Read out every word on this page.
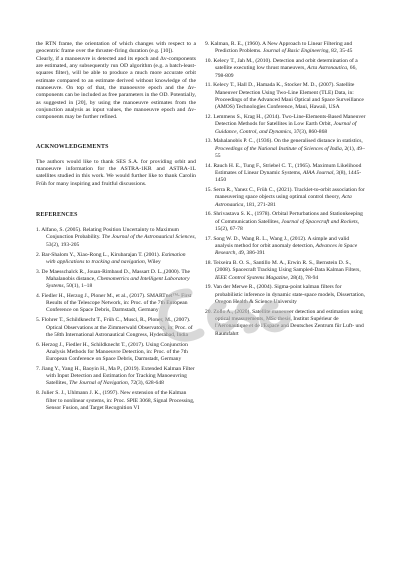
the RTN frame, the orientation of which changes with respect to a geocentric frame over the thruster-firing duration (e.g. [10]).

Clearly, if a manoeuvre is detected and its epoch and Δv-components are estimated, any subsequently run OD algorithm (e.g. a batch-least-squares filter), will be able to produce a much more accurate orbit estimate compared to an estimate derived without knowledge of the manoeuvre. On top of that, the manoeuvre epoch and the Δv-components can be included as free parameters in the OD. Potentially, as suggested in [20], by using the manoeuvre estimates from the conjunction analysis as input values, the manoeuvre epoch and Δv-components may be further refined.

ACKNOWLEDGEMENTS

The authors would like to thank SES S.A. for providing orbit and manoeuvre information for the ASTRA-1KR and ASTRA-1L satellites studied in this work. We would further like to thank Carolin Früh for many inspiring and fruitful discussions.

REFERENCES

1. Alfano, S. (2005). Relating Position Uncertainty to Maximum Conjunction Probability. The Journal of the Astronautical Sciences, 53(2), 193-205

2. Bar-Shalom Y., Xiao-Rong L., Kirubarajan T. (2001). Estimation with applications to tracking and navigation, Wiley

3. De Maesschalck R., Jouan-Rimbaud D., Massart D. L.,(2000). The Mahalanobis distance, Chemometrics and Intelligent Laboratory Systems, 50(1), 1–18

4. Fiedler H., Herzog J., Ploner M., et al., (2017). SMARTnet™- First Results of the Telescope Network, in: Proc. of the 7th European Conference on Space Debris, Darmstadt, Germany

5. Flohrer T., Schildknecht T., Früh C., Musci, R., Ploner, M., (2007). Optical Observations at the Zimmerwald Observatory, in: Proc. of the 58th International Astronautical Congress, Hyderabad, India

6. Herzog J., Fiedler H., Schildknecht T., (2017). Using Conjunction Analysis Methods for Manoeuvre Detection, in: Proc. of the 7th European Conference on Space Debris, Darmstadt, Germany

7. Jiang Y., Yang H., Baoyin H., Ma P., (2019). Extended Kalman Filter with Input Detection and Estimation for Tracking Manoeuvring Satellites, The Journal of Navigation, 72(3), 628-648

8. Julier S. J., Uhlmann J. K., (1997). New extension of the Kalman filter to nonlinear systems, in: Proc. SPIE 3068, Signal Processing, Sensor Fusion, and Target Recognition VI

9. Kalman, R. E., (1960). A New Approach to Linear Filtering and Prediction Problems. Journal of Basic Engineering, 82, 35-45

10. Kelecy T., Jah M., (2010). Detection and orbit determination of a satellite executing low thrust maneuvers, Acta Astronautica, 66, 798-809

11. Kelecy T., Hall D., Hamada K., Stocker M. D., (2007). Satellite Maneuver Detection Using Two-Line Element (TLE) Data, in: Proceedings of the Advanced Maui Optical and Space Surveillance (AMOS) Technologies Conference, Maui, Hawaii, USA

12. Lemmens S., Krag H., (2014). Two-Line-Elements-Based Maneuver Detection Methods for Satellites in Low Earth Orbit, Journal of Guidance, Control, and Dynamics, 37(3), 860-868

13. Mahalanobis P. C., (1936). On the generalised distance in statistics, Proceedings of the National Institute of Sciences of India, 2(1), 49–55

14. Rauch H. E., Tung F., Striebel C. T., (1965). Maximum Likelihood Estimates of Linear Dynamic Systems, AIAA Journal, 3(8), 1445-1450

15. Serra R., Yanez C., Früh C., (2021). Tracklet-to-orbit association for maneuvering space objects using optimal control theory, Acta Astronautica, 181, 271-281

16. Shrivastava S. K., (1978). Orbital Perturbations and Stationkeeping of Communication Satellites, Journal of Spacecraft and Rockets, 15(2), 67-78

17. Song W. D., Wang R. L., Wang J., (2012). A simple and valid analysis method for orbit anomaly detection, Advances in Space Research, 49, 386-391

18. Teixeira B. O. S., Santillo M. A., Erwin R. S., Bernstein D. S., (2008). Spacecraft Tracking Using Sampled-Data Kalman Filters, IEEE Control Systems Magazine, 28(4), 78-94

19. Van der Merwe R., (2004). Sigma-point kalman filters for probabilistic inference in dynamic state-space models, Dissertation, Oregon Health & Science University

20. Zollo A., (2020). Satellite maneuver detection and estimation using optical measurements, MSc thesis, Institut Supérieur de l'Aéronautique et de l'Espace and Deutsches Zentrum für Luft- und Raumfahrt
